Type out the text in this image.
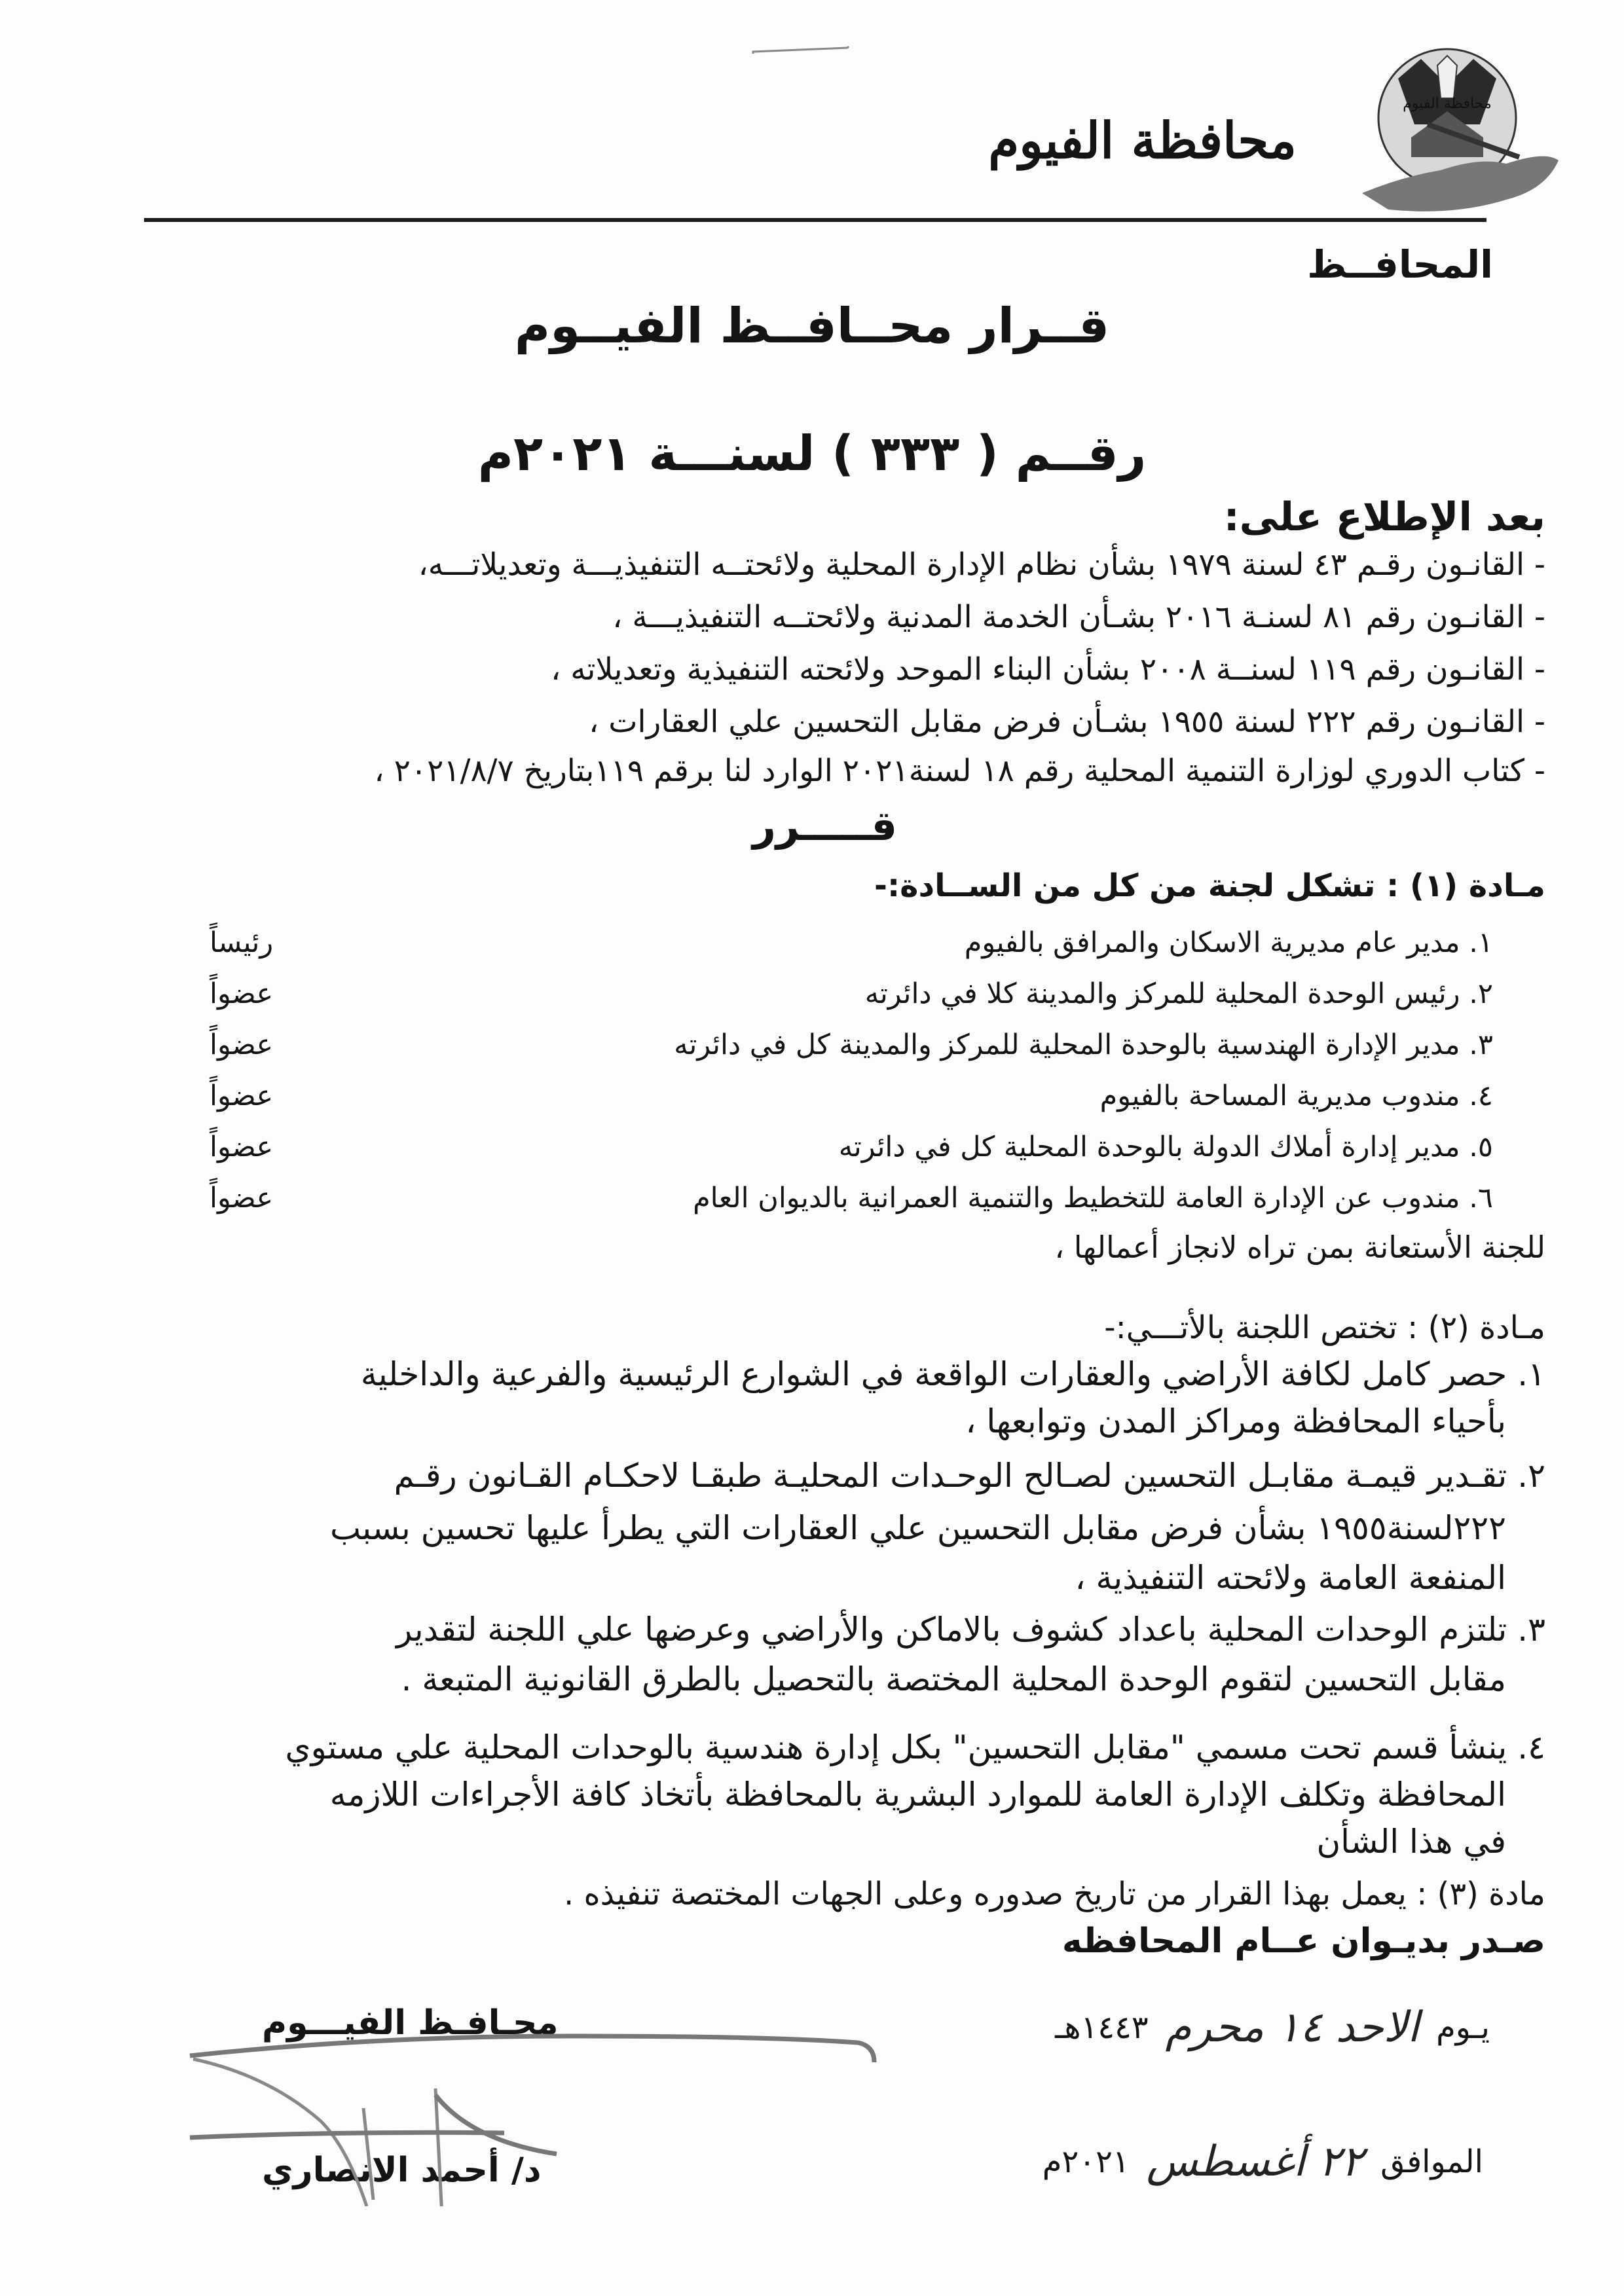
محافظة الفيوم
محافظة الفيوم
المحافــظ
قــرار محــافــظ الفيــوم
رقــم ( ٣٣٣ ) لسنـــة ٢٠٢١م
بعد الإطلاع على:
- القانـون رقـم ٤٣ لسنة ١٩٧٩ بشأن نظام الإدارة المحلية ولائحتــه التنفيذيـــة وتعديلاتـــه،
- القانـون رقم ٨١ لسنـة ٢٠١٦ بشـأن الخدمة المدنية ولائحتــه التنفيذيـــة ،
- القانـون رقم ١١٩ لسنــة ٢٠٠٨ بشأن البناء الموحد ولائحته التنفيذية وتعديلاته ،
- القانـون رقم ٢٢٢ لسنة ١٩٥٥ بشـأن فرض مقابل التحسين علي العقارات ،
- كتاب الدوري لوزارة التنمية المحلية رقم ١٨ لسنة٢٠٢١ الوارد لنا برقم ١١٩بتاريخ ٢٠٢١/٨/٧ ،
قـــــرر
مـادة (١) : تشكل لجنة من كل من الســادة:-
١. مدير عام مديرية الاسكان والمرافق بالفيوم
رئيساً
٢. رئيس الوحدة المحلية للمركز والمدينة كلا في دائرته
عضواً
٣. مدير الإدارة الهندسية بالوحدة المحلية للمركز والمدينة كل في دائرته
عضواً
٤. مندوب مديرية المساحة بالفيوم
عضواً
٥. مدير إدارة أملاك الدولة بالوحدة المحلية كل في دائرته
عضواً
٦. مندوب عن الإدارة العامة للتخطيط والتنمية العمرانية بالديوان العام
عضواً
للجنة الأستعانة بمن تراه لانجاز أعمالها ،
مـادة (٢) : تختص اللجنة بالأتـــي:-
١. حصر كامل لكافة الأراضي والعقارات الواقعة في الشوارع الرئيسية والفرعية والداخلية
بأحياء المحافظة ومراكز المدن وتوابعها ،
٢. تقـدير قيمـة مقابـل التحسين لصـالح الوحـدات المحليـة طبقـا لاحكـام القـانون رقـم
٢٢٢لسنة١٩٥٥ بشأن فرض مقابل التحسين علي العقارات التي يطرأ عليها تحسين بسبب
المنفعة العامة ولائحته التنفيذية ،
٣. تلتزم الوحدات المحلية باعداد كشوف بالاماكن والأراضي وعرضها علي اللجنة لتقدير
مقابل التحسين لتقوم الوحدة المحلية المختصة بالتحصيل بالطرق القانونية المتبعة .
٤. ينشأ قسم تحت مسمي "مقابل التحسين" بكل إدارة هندسية بالوحدات المحلية علي مستوي
المحافظة وتكلف الإدارة العامة للموارد البشرية بالمحافظة بأتخاذ كافة الأجراءات اللازمه
في هذا الشأن
مادة (٣) : يعمل بهذا القرار من تاريخ صدوره وعلى الجهات المختصة تنفيذه .
صـدر بديـوان عــام المحافظه
يـوم
الاحد ١٤ محرم
١٤٤٣هـ
الموافق
٢٢ أغسطس
٢٠٢١م
محـافـظ الفيـــوم
د/ أحمد الانصاري
